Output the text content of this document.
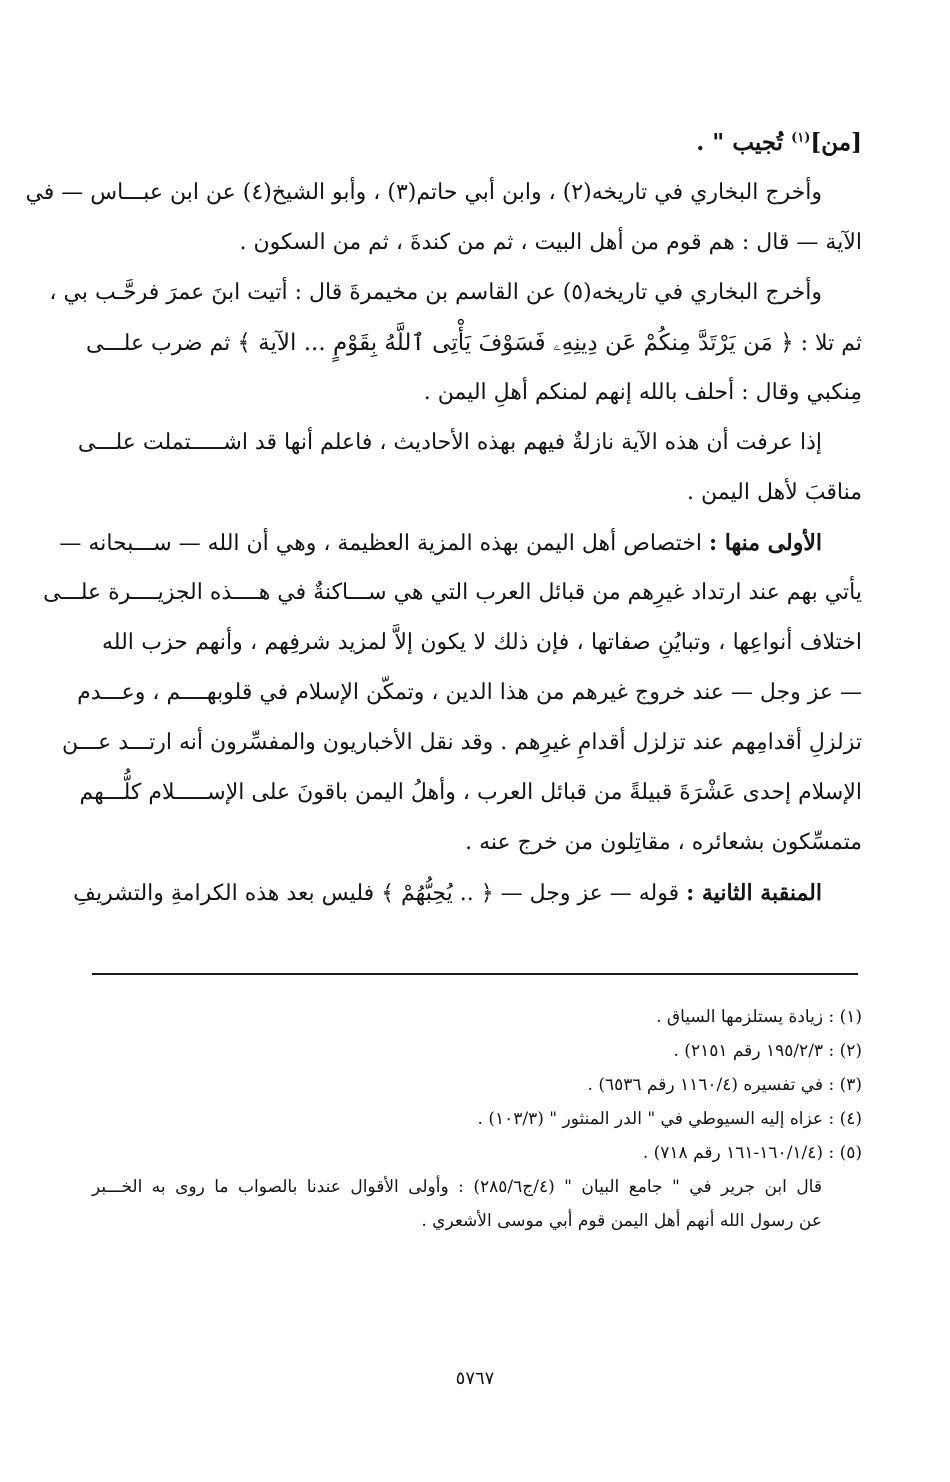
[من]$^{(١)}$ تُجيب " .
وأخرج البخاري في تاريخه(٢) ، وابن أبي حاتم(٣) ، وأبو الشيخ(٤) عن ابن عبـــاس — في
الآية — قال : هم قوم من أهل البيت ، ثم من كندةَ ، ثم من السكون .
وأخرج البخاري في تاريخه(٥) عن القاسم بن مخيمرةَ قال : أتيت ابنَ عمرَ فرحَّـب بي ،
ثم تلا : ﴿ مَن يَرْتَدَّ مِنكُمْ عَن دِينِهِۦ فَسَوْفَ يَأْتِى ٱللَّهُ بِقَوْمٍ ... الآية ﴾ ثم ضرب علـــى
مِنكبي وقال : أحلف بالله إنهم لمنكم أهلِ اليمن .
إذا عرفت أن هذه الآية نازلةٌ فيهم بهذه الأحاديث ، فاعلم أنها قد اشـــــتملت علـــى
مناقبَ لأهل اليمن .
الأولى منها : اختصاص أهل اليمن بهذه المزية العظيمة ، وهي أن الله — ســـبحانه —
يأتي بهم عند ارتداد غيرِهم من قبائل العرب التي هي ســـاكنةٌ في هــــذه الجزيــــرة علـــى
اختلاف أنواعِها ، وتبايُنِ صفاتها ، فإن ذلك لا يكون إلاَّ لمزيد شرفِهم ، وأنهم حزب الله
— عز وجل — عند خروج غيرهم من هذا الدين ، وتمكّن الإسلام في قلوبهــــم ، وعـــدم
تزلزلِ أقدامِهم عند تزلزل أقدامِ غيرِهم . وقد نقل الأخباريون والمفسِّرون أنه ارتـــد عـــن
الإسلام إحدى عَشْرَةَ قبيلةً من قبائل العرب ، وأهلُ اليمن باقونَ على الإســـــلام كلُّـــهم
متمسِّكون بشعائره ، مقاتِلون من خرج عنه .
المنقبة الثانية : قوله — عز وجل — ﴿ .. يُحِبُّهُمْ ﴾ فليس بعد هذه الكرامةِ والتشريفِ
(١) : زيادة يستلزمها السياق .
(٢) : ١٩٥/٢/٣ رقم ٢١٥١) .
(٣) : في تفسيره (١١٦٠/٤ رقم ٦٥٣٦) .
(٤) : عزاه إليه السيوطي في " الدر المنثور " (١٠٣/٣) .
(٥) : (١٦٠/١/٤-١٦١ رقم ٧١٨) .
قال ابن جرير في " جامع البيان " (٤/ج٢٨٥/٦) : وأولى الأقوال عندنا بالصواب ما روى به الخـــبر
عن رسول الله أنهم أهل اليمن قوم أبي موسى الأشعري .
٥٧٦٧
